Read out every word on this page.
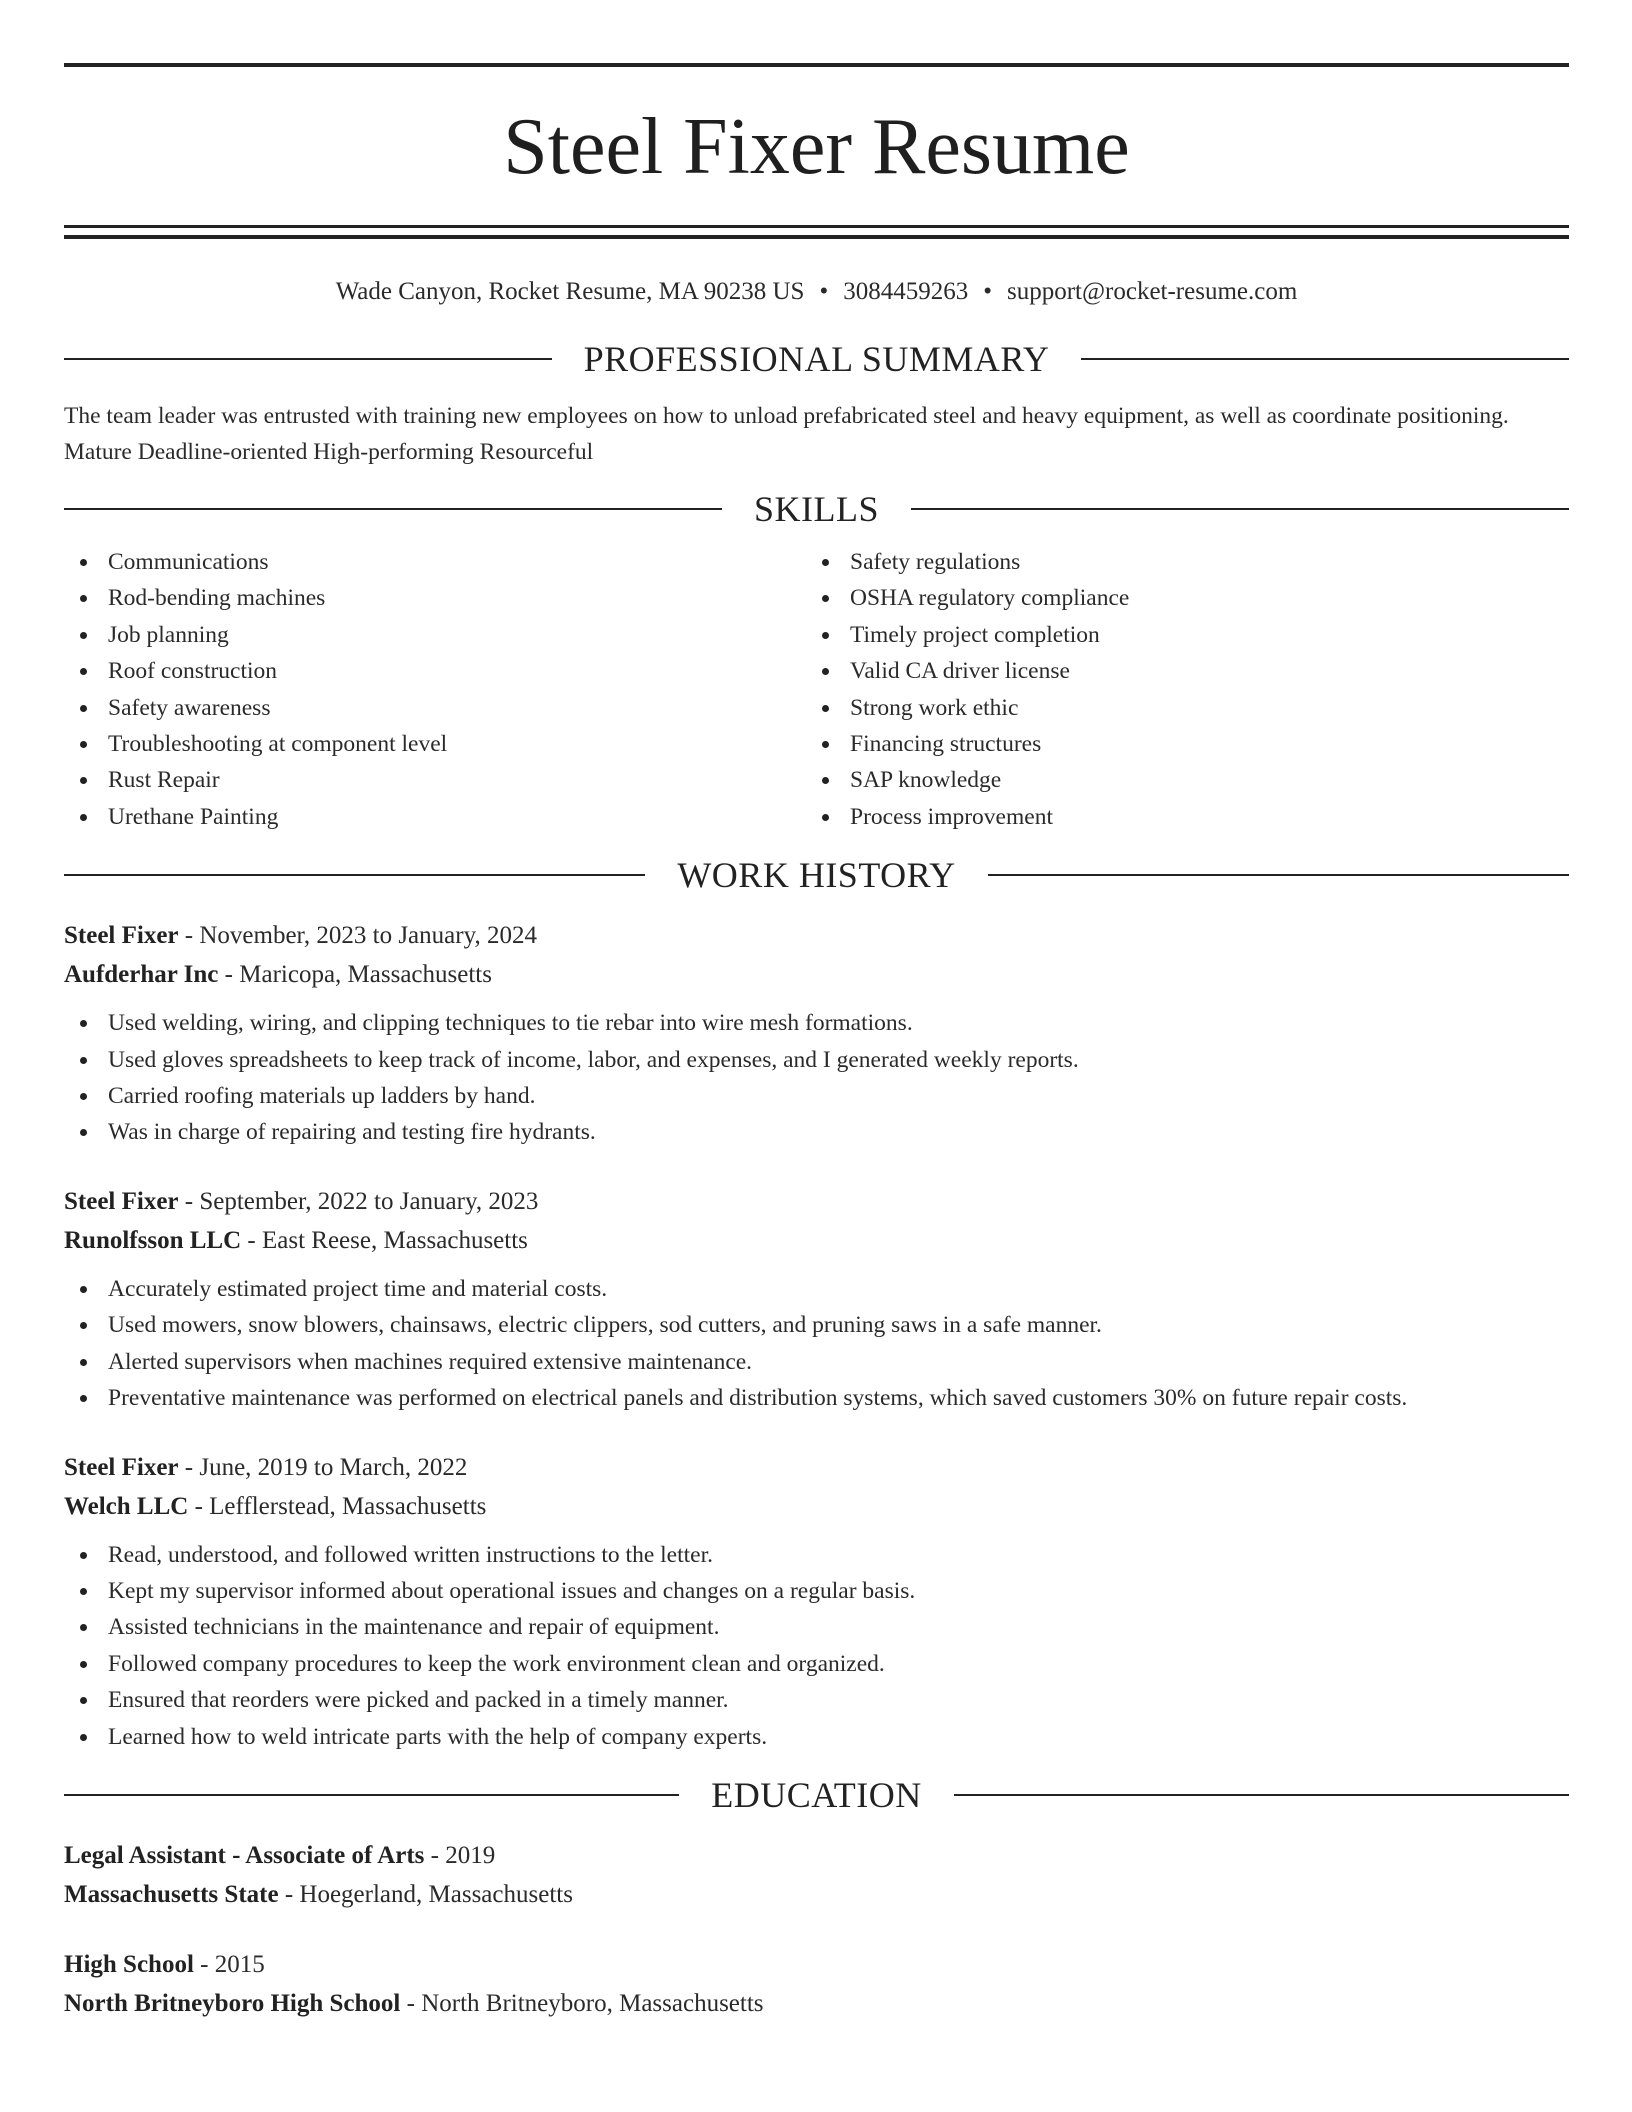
Steel Fixer Resume
Wade Canyon, Rocket Resume, MA 90238 US • 3084459263 • support@rocket-resume.com
PROFESSIONAL SUMMARY

The team leader was entrusted with training new employees on how to unload prefabricated steel and heavy equipment, as well as coordinate positioning. Mature Deadline-oriented High-performing Resourceful

SKILLS
Communications
Rod-bending machines
Job planning
Roof construction
Safety awareness
Troubleshooting at component level
Rust Repair
Urethane Painting
Safety regulations
OSHA regulatory compliance
Timely project completion
Valid CA driver license
Strong work ethic
Financing structures
SAP knowledge
Process improvement
WORK HISTORY
Steel Fixer - November, 2023 to January, 2024
Aufderhar Inc - Maricopa, Massachusetts
Used welding, wiring, and clipping techniques to tie rebar into wire mesh formations.
Used gloves spreadsheets to keep track of income, labor, and expenses, and I generated weekly reports.
Carried roofing materials up ladders by hand.
Was in charge of repairing and testing fire hydrants.
Steel Fixer - September, 2022 to January, 2023
Runolfsson LLC - East Reese, Massachusetts
Accurately estimated project time and material costs.
Used mowers, snow blowers, chainsaws, electric clippers, sod cutters, and pruning saws in a safe manner.
Alerted supervisors when machines required extensive maintenance.
Preventative maintenance was performed on electrical panels and distribution systems, which saved customers 30% on future repair costs.
Steel Fixer - June, 2019 to March, 2022
Welch LLC - Lefflerstead, Massachusetts
Read, understood, and followed written instructions to the letter.
Kept my supervisor informed about operational issues and changes on a regular basis.
Assisted technicians in the maintenance and repair of equipment.
Followed company procedures to keep the work environment clean and organized.
Ensured that reorders were picked and packed in a timely manner.
Learned how to weld intricate parts with the help of company experts.
EDUCATION
Legal Assistant - Associate of Arts - 2019
Massachusetts State - Hoegerland, Massachusetts
High School - 2015
North Britneyboro High School - North Britneyboro, Massachusetts
